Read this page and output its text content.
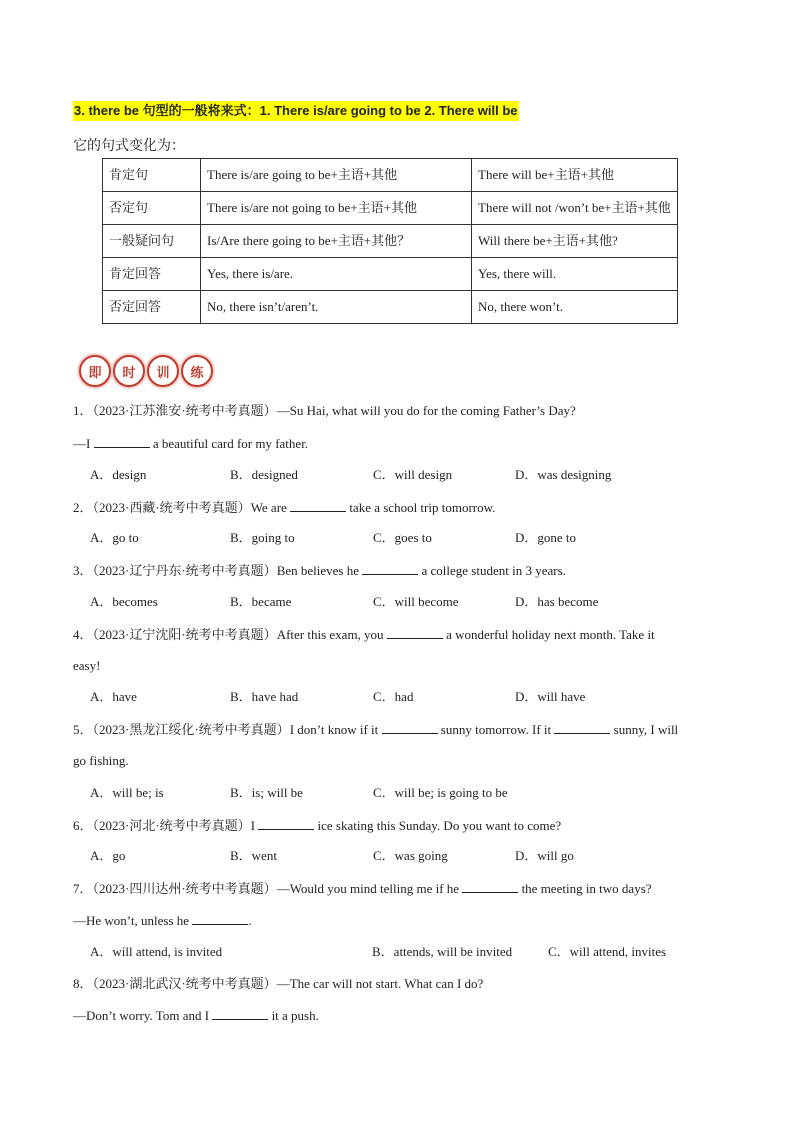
3. there be 句型的一般将来式：1. There is/are going to be 2. There will be
它的句式变化为：
肯定句	There is/are going to be+主语+其他	There will be+主语+其他
否定句	There is/are not going to be+主语+其他	There will not /won’t be+主语+其他
一般疑问句	Is/Are there going to be+主语+其他？	Will there be+主语+其他?
肯定回答	Yes, there is/are.	Yes, there will.
否定回答	No, there isn’t/aren’t.	No, there won’t.
即	时	训	练
1．（2023·江苏淮安·统考中考真题）—Su Hai, what will you do for the coming Father’s Day?
—I	a beautiful card for my father.
A．design	B．designed	C．will design	D．was designing
2．（2023·西藏·统考中考真题）We are	take a school trip tomorrow.
A．go to	B．going to	C．goes to	D．gone to
3．（2023·辽宁丹东·统考中考真题）Ben believes he	a college student in 3 years.
A．becomes	B．became	C．will become	D．has become
4．（2023·辽宁沈阳·统考中考真题）After this exam, you	a wonderful holiday next month. Take it
easy!
A．have	B．have had	C．had	D．will have
5．（2023·黑龙江绥化·统考中考真题）I don’t know if it	sunny tomorrow. If it	sunny, I will
go fishing.
A．will be; is	B．is; will be	C．will be; is going to be
6．（2023·河北·统考中考真题）I	ice skating this Sunday. Do you want to come?
A．go	B．went	C．was going	D．will go
7．（2023·四川达州·统考中考真题）—Would you mind telling me if he	the meeting in two days?
—He won’t, unless he	.
A．will attend, is invited	B．attends, will be invited	C．will attend, invites
8．（2023·湖北武汉·统考中考真题）—The car will not start. What can I do?
—Don’t worry. Tom and I	it a push.
